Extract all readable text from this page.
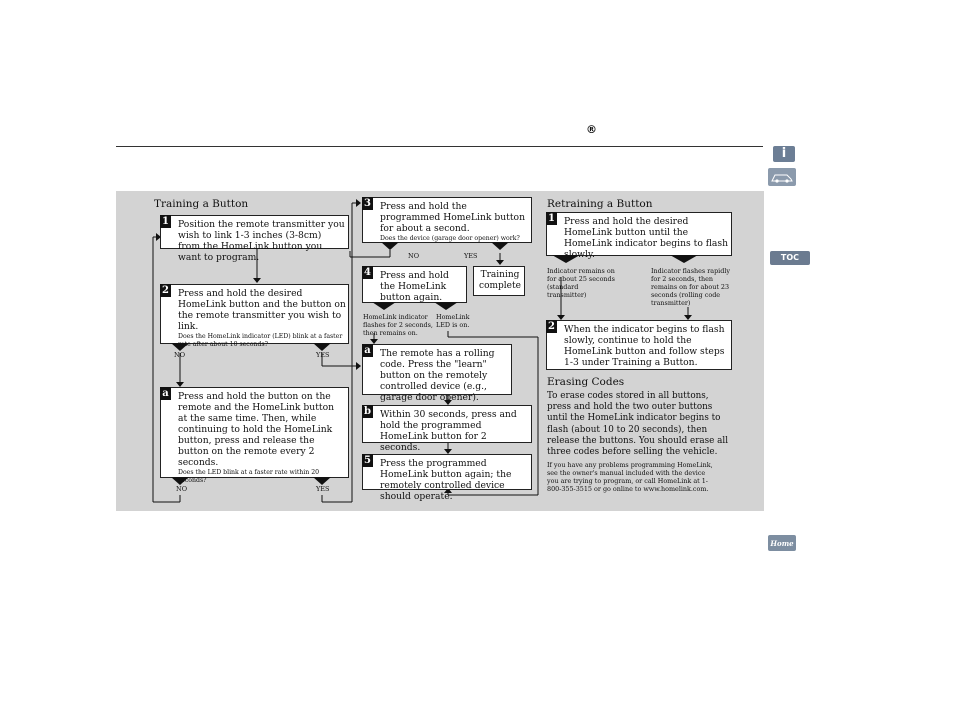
®
i
TOC
Home
Training a Button
1 Position the remote transmitter you wish to link 1-3 inches (3-8cm) from the HomeLink button you want to program.
2 Press and hold the desired HomeLink button and the button on the remote transmitter you wish to link.
Does the HomeLink indicator (LED) blink at a faster rate after about 10 seconds?
NO	YES
a Press and hold the button on the remote and the HomeLink button at the same time. Then, while continuing to hold the HomeLink button, press and release the button on the remote every 2 seconds.
Does the LED blink at a faster rate within 20 seconds?
NO	YES
3 Press and hold the programmed HomeLink button for about a second.
Does the device (garage door opener) work?
NO	YES
Training complete
4 Press and hold the HomeLink button again.
HomeLink indicator flashes for 2 seconds, then remains on.
HomeLink LED is on.
a The remote has a rolling code. Press the "learn" button on the remotely controlled device (e.g., garage door opener).
b Within 30 seconds, press and hold the programmed HomeLink button for 2 seconds.
5 Press the programmed HomeLink button again; the remotely controlled device should operate.
Retraining a Button
1 Press and hold the desired HomeLink button until the HomeLink indicator begins to flash slowly.
Indicator remains on for about 25 seconds (standard transmitter)
Indicator flashes rapidly for 2 seconds, then remains on for about 23 seconds (rolling code transmitter)
2 When the indicator begins to flash slowly, continue to hold the HomeLink button and follow steps 1-3 under Training a Button.
Erasing Codes
To erase codes stored in all buttons, press and hold the two outer buttons until the HomeLink indicator begins to flash (about 10 to 20 seconds), then release the buttons. You should erase all three codes before selling the vehicle.
If you have any problems programming HomeLink, see the owner's manual included with the device you are trying to program, or call HomeLink at 1-800-355-3515 or go online to www.homelink.com.
